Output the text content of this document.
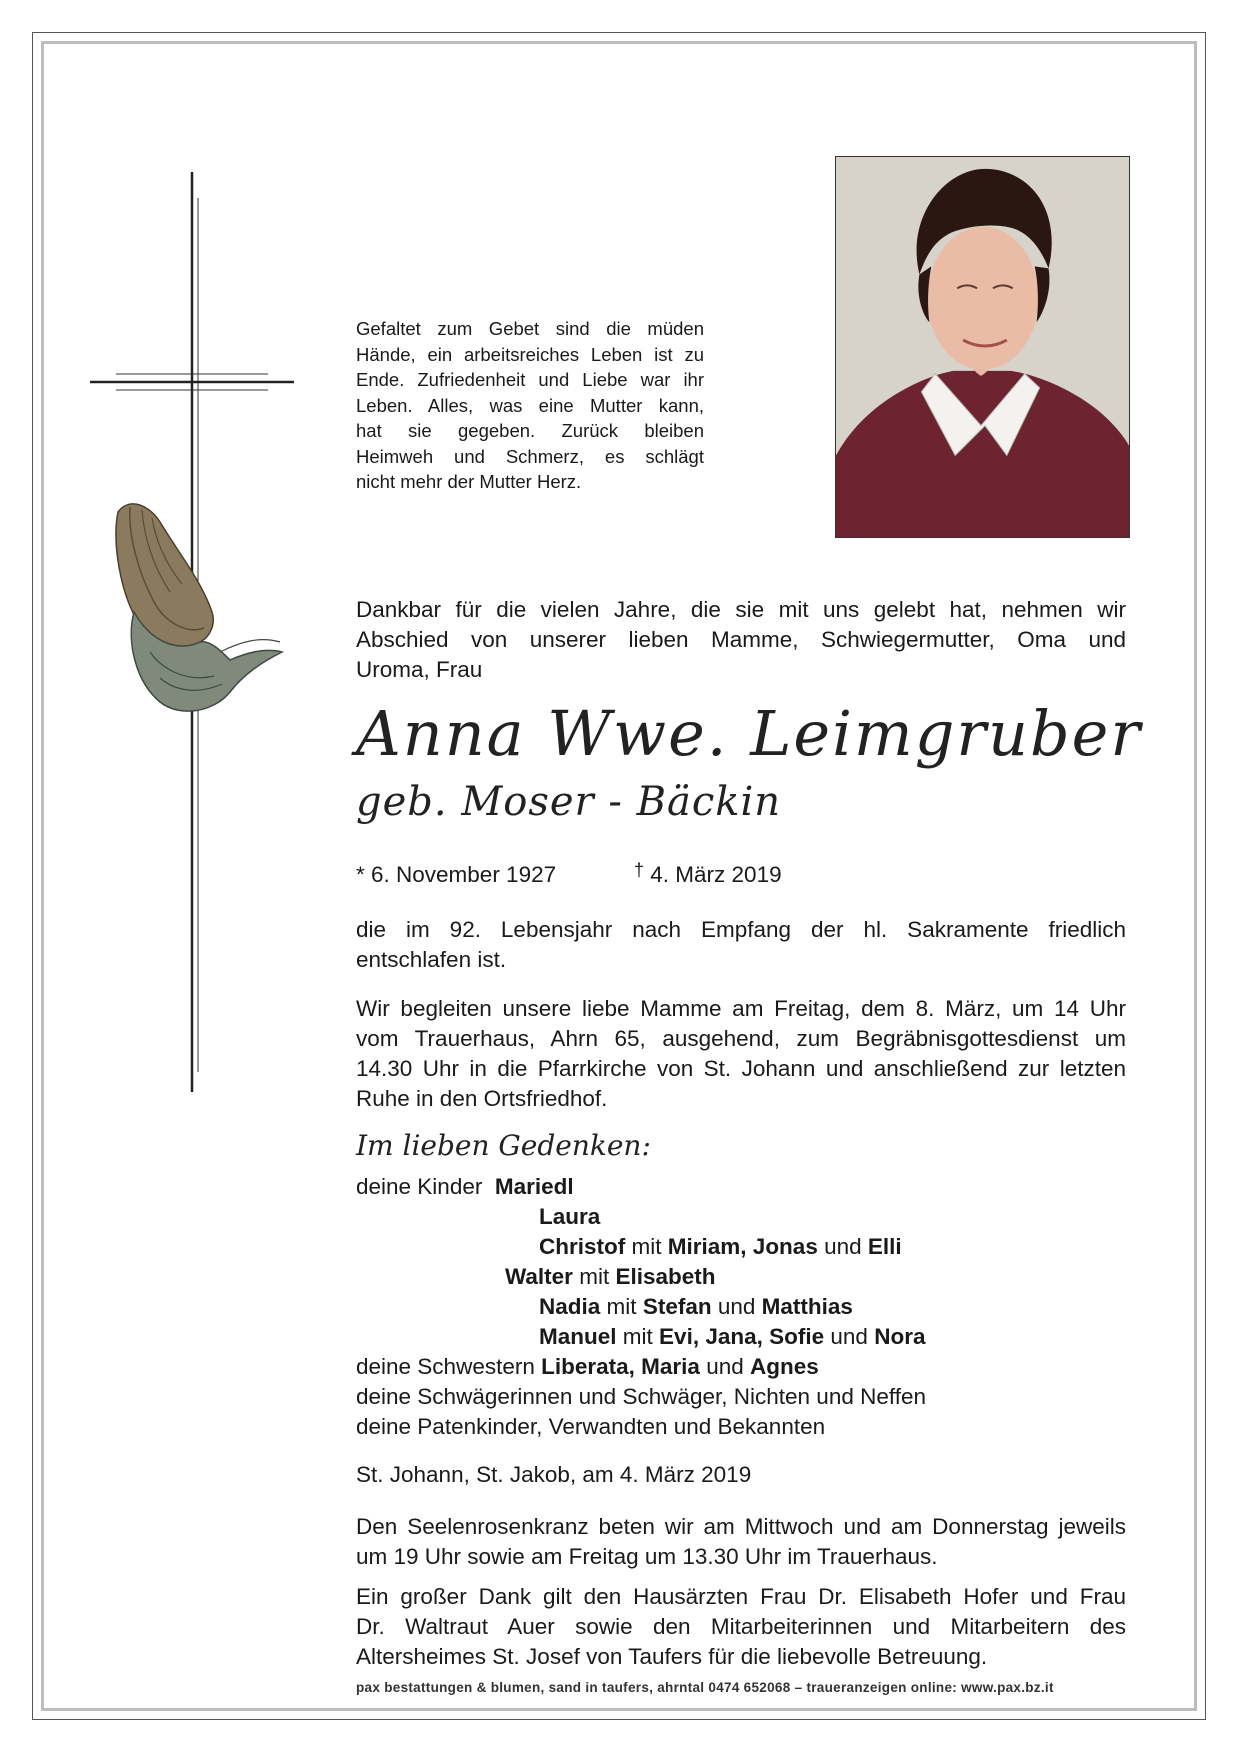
Gefaltet zum Gebet sind die müden
Hände, ein arbeitsreiches Leben ist zu
Ende. Zufriedenheit und Liebe war ihr
Leben. Alles, was eine Mutter kann,
hat sie gegeben. Zurück bleiben
Heimweh und Schmerz, es schlägt
nicht mehr der Mutter Herz.
Dankbar für die vielen Jahre, die sie mit uns gelebt hat, nehmen wir
Abschied von unserer lieben Mamme, Schwiegermutter, Oma und
Uroma, Frau
Anna Wwe. Leimgruber
geb. Moser - Bäckin
* 6. November 1927	† 4. März 2019
die im 92. Lebensjahr nach Empfang der hl. Sakramente friedlich
entschlafen ist.
Wir begleiten unsere liebe Mamme am Freitag, dem 8. März, um 14 Uhr
vom Trauerhaus, Ahrn 65, ausgehend, zum Begräbnisgottesdienst um
14.30 Uhr in die Pfarrkirche von St. Johann und anschließend zur letzten
Ruhe in den Ortsfriedhof.
Im lieben Gedenken:
deine Kinder Mariedl
Laura
Christof mit Miriam, Jonas und Elli
Walter mit Elisabeth
Nadia mit Stefan und Matthias
Manuel mit Evi, Jana, Sofie und Nora
deine Schwestern Liberata, Maria und Agnes
deine Schwägerinnen und Schwäger, Nichten und Neffen
deine Patenkinder, Verwandten und Bekannten
St. Johann, St. Jakob, am 4. März 2019
Den Seelenrosenkranz beten wir am Mittwoch und am Donnerstag jeweils
um 19 Uhr sowie am Freitag um 13.30 Uhr im Trauerhaus.
Ein großer Dank gilt den Hausärzten Frau Dr. Elisabeth Hofer und Frau
Dr. Waltraut Auer sowie den Mitarbeiterinnen und Mitarbeitern des
Altersheimes St. Josef von Taufers für die liebevolle Betreuung.
pax bestattungen & blumen, sand in taufers, ahrntal 0474 652068 – traueranzeigen online: www.pax.bz.it
